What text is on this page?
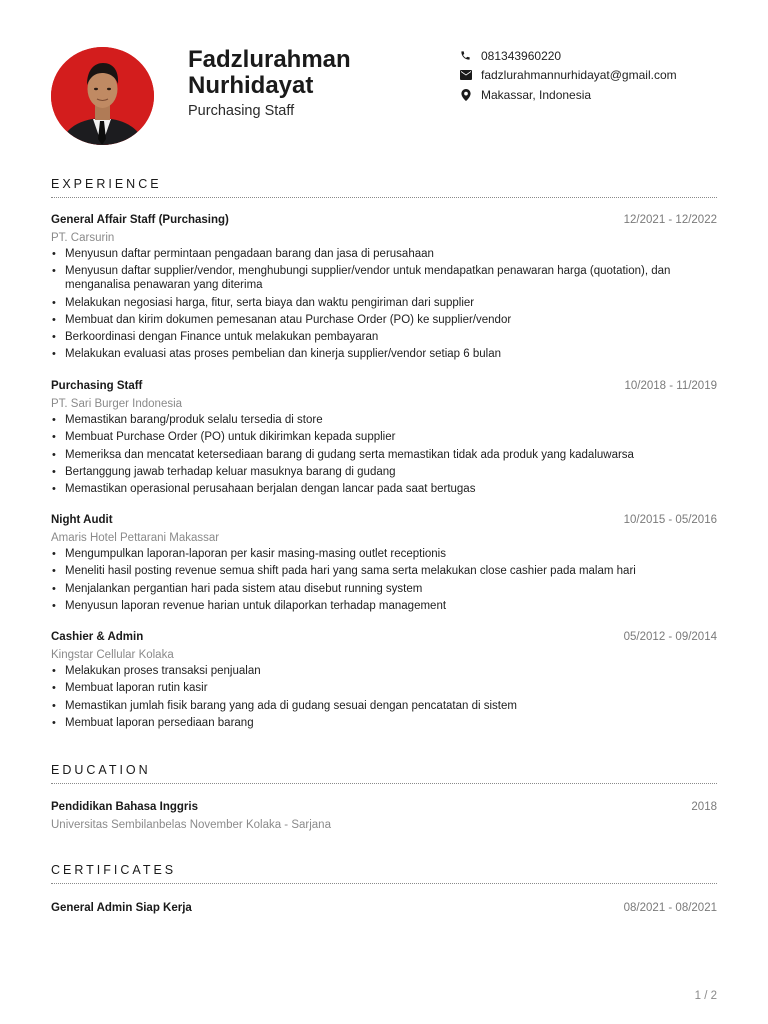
Fadzlurahman Nurhidayat
Purchasing Staff
081343960220
fadzlurahmannurhidayat@gmail.com
Makassar, Indonesia
EXPERIENCE
General Affair Staff (Purchasing)	12/2021 - 12/2022
PT. Carsurin
• Menyusun daftar permintaan pengadaan barang dan jasa di perusahaan
• Menyusun daftar supplier/vendor, menghubungi supplier/vendor untuk mendapatkan penawaran harga (quotation), dan menganalisa penawaran yang diterima
• Melakukan negosiasi harga, fitur, serta biaya dan waktu pengiriman dari supplier
• Membuat dan kirim dokumen pemesanan atau Purchase Order (PO) ke supplier/vendor
• Berkoordinasi dengan Finance untuk melakukan pembayaran
• Melakukan evaluasi atas proses pembelian dan kinerja supplier/vendor setiap 6 bulan
Purchasing Staff	10/2018 - 11/2019
PT. Sari Burger Indonesia
• Memastikan barang/produk selalu tersedia di store
• Membuat Purchase Order (PO) untuk dikirimkan kepada supplier
• Memeriksa dan mencatat ketersediaan barang di gudang serta memastikan tidak ada produk yang kadaluwarsa
• Bertanggung jawab terhadap keluar masuknya barang di gudang
• Memastikan operasional perusahaan berjalan dengan lancar pada saat bertugas
Night Audit	10/2015 - 05/2016
Amaris Hotel Pettarani Makassar
• Mengumpulkan laporan-laporan per kasir masing-masing outlet receptionis
• Meneliti hasil posting revenue semua shift pada hari yang sama serta melakukan close cashier pada malam hari
• Menjalankan pergantian hari pada sistem atau disebut running system
• Menyusun laporan revenue harian untuk dilaporkan terhadap management
Cashier & Admin	05/2012 - 09/2014
Kingstar Cellular Kolaka
• Melakukan proses transaksi penjualan
• Membuat laporan rutin kasir
• Memastikan jumlah fisik barang yang ada di gudang sesuai dengan pencatatan di sistem
• Membuat laporan persediaan barang
EDUCATION
Pendidikan Bahasa Inggris	2018
Universitas Sembilanbelas November Kolaka - Sarjana
CERTIFICATES
General Admin Siap Kerja	08/2021 - 08/2021
1 / 2
